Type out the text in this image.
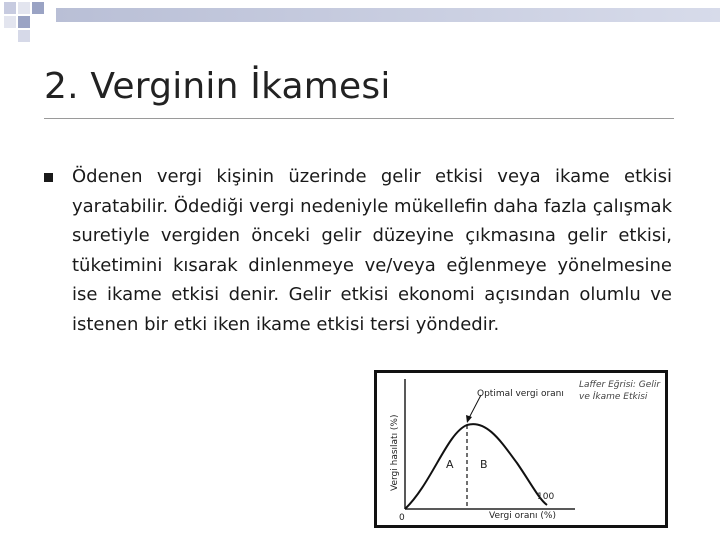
2. Verginin İkamesi
Ödenen vergi kişinin üzerinde gelir etkisi veya ikame etkisi yaratabilir. Ödediği vergi nedeniyle mükellefin daha fazla çalışmak suretiyle vergiden önceki gelir düzeyine çıkmasına gelir etkisi, tüketimini kısarak dinlenmeye ve/veya eğlenmeye yönelmesine ise ikame etkisi denir. Gelir etkisi ekonomi açısından olumlu ve istenen bir etki iken ikame etkisi tersi yöndedir.
Vergi hasılatı (%)
Optimal vergi oranı
A B
0
100
Vergi oranı (%)
Laffer Eğrisi: Gelir
ve İkame Etkisi
